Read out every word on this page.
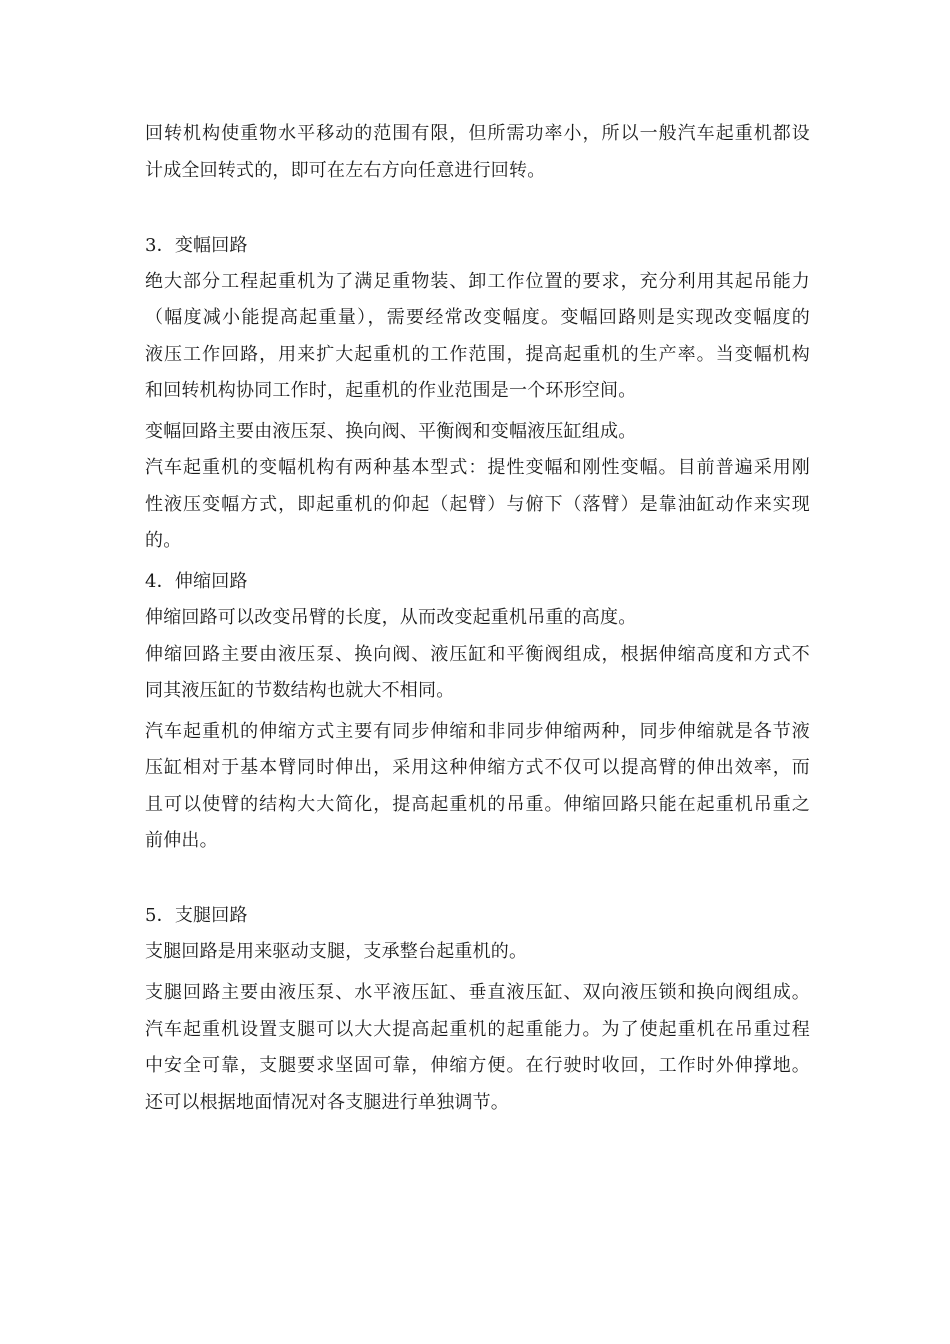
回转机构使重物水平移动的范围有限，但所需功率小，所以一般汽车起重机都设
计成全回转式的，即可在左右方向任意进行回转。
3．变幅回路
绝大部分工程起重机为了满足重物装、卸工作位置的要求，充分利用其起吊能力
（幅度减小能提高起重量），需要经常改变幅度。变幅回路则是实现改变幅度的
液压工作回路，用来扩大起重机的工作范围，提高起重机的生产率。当变幅机构
和回转机构协同工作时，起重机的作业范围是一个环形空间。
变幅回路主要由液压泵、换向阀、平衡阀和变幅液压缸组成。
汽车起重机的变幅机构有两种基本型式：提性变幅和刚性变幅。目前普遍采用刚
性液压变幅方式，即起重机的仰起（起臂）与俯下（落臂）是靠油缸动作来实现
的。
4．伸缩回路
伸缩回路可以改变吊臂的长度，从而改变起重机吊重的高度。
伸缩回路主要由液压泵、换向阀、液压缸和平衡阀组成，根据伸缩高度和方式不
同其液压缸的节数结构也就大不相同。
汽车起重机的伸缩方式主要有同步伸缩和非同步伸缩两种，同步伸缩就是各节液
压缸相对于基本臂同时伸出，采用这种伸缩方式不仅可以提高臂的伸出效率，而
且可以使臂的结构大大简化，提高起重机的吊重。伸缩回路只能在起重机吊重之
前伸出。
5．支腿回路
支腿回路是用来驱动支腿，支承整台起重机的。
支腿回路主要由液压泵、水平液压缸、垂直液压缸、双向液压锁和换向阀组成。
汽车起重机设置支腿可以大大提高起重机的起重能力。为了使起重机在吊重过程
中安全可靠，支腿要求坚固可靠，伸缩方便。在行驶时收回，工作时外伸撑地。
还可以根据地面情况对各支腿进行单独调节。
